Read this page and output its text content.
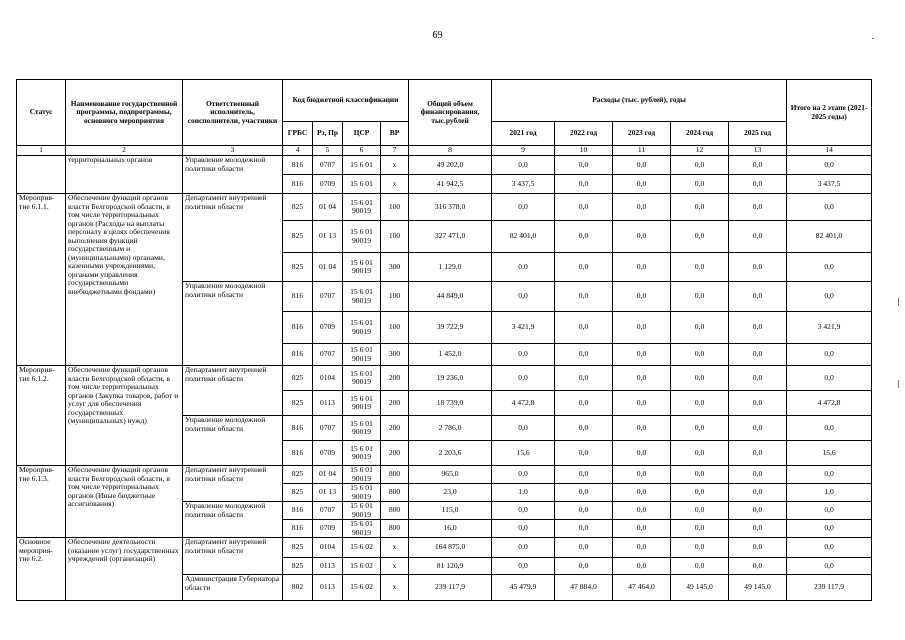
69
Статус	Наименование государственной программы, подпрограммы, основного мероприятия	Ответственный исполнитель, соисполнители, участники	Код бюджетной классификации				Общий объем финансирования, тыс.рублей	Расходы (тыс. рублей), годы					Итого на 2 этапе (2021-2025 годы)
			ГРБС	Рз, Пр	ЦСР	ВР		2021 год	2022 год	2023 год	2024 год	2025 год	
1	2	3	4	5	6	7	8	9	10	11	12	13	14
	территориальных органов	Управление молодежной политики области	816	0707	15 6 01	x	49 202,0	0,0	0,0	0,0	0,0	0,0	0,0
			816	0709	15 6 01	x	41 942,5	3 437,5	0,0	0,0	0,0	0,0	3 437,5
Мероприя-тие 6.1.1.	Обеспечение функций органов власти Белгородской области, в том числе территориальных органов (Расходы на выплаты персоналу в целях обеспечения выполнения функций государственным и (муниципальными) органами, казенными учреждениями, органами управления государственными внебюджетными фондами)	Департамент внутренней политики области	825	01 04	15 6 01 90019	100	316 378,0	0,0	0,0	0,0	0,0	0,0	0,0
			825	01 13	15 6 01 90019	100	327 471,0	82 401,0	0,0	0,0	0,0	0,0	82 401,0
			825	01 04	15 6 01 90019	300	1 129,0	0,0	0,0	0,0	0,0	0,0	0,0
		Управление молодежной политики области	816	0707	15 6 01 90019	100	44 849,0	0,0	0,0	0,0	0,0	0,0	0,0
			816	0709	15 6 01 90019	100	39 722,9	3 421,9	0,0	0,0	0,0	0,0	3 421,9
			816	0707	15 6 01 90019	300	1 452,0	0,0	0,0	0,0	0,0	0,0	0,0
Мероприя-тие 6.1.2.	Обеспечение функций органов власти Белгородской области, в том числе территориальных органов (Закупка товаров, работ и услуг для обеспечения государственных (муниципальных) нужд)	Департамент внутренней политики области	825	0104	15 6 01 90019	200	19 236,0	0,0	0,0	0,0	0,0	0,0	0,0
			825	0113	15 6 01 90019	200	18 739,0	4 472,8	0,0	0,0	0,0	0,0	4 472,8
		Управление молодежной политики области	816	0707	15 6 01 90019	200	2 786,0	0,0	0,0	0,0	0,0	0,0	0,0
			816	0709	15 6 01 90019	200	2 203,6	15,6	0,0	0,0	0,0	0,0	15,6
Мероприя-тие 6.1.3.	Обеспечение функций органов власти Белгородской области, в том числе территориальных органов (Иные бюджетные ассигнования)	Департамент внутренней политики области	825	01 04	15 6 01 90019	800	965,0	0,0	0,0	0,0	0,0	0,0	0,0
			825	01 13	15 6 01 90019	800	23,0	1,0	0,0	0,0	0,0	0,0	1,0
		Управление молодежной политики области	816	0707	15 6 01 90019	800	115,0	0,0	0,0	0,0	0,0	0,0	0,0
			816	0709	15 6 01 90019	800	16,0	0,0	0,0	0,0	0,0	0,0	0,0
Основное мероприя-тие 6.2.	Обеспечение деятельности (оказание услуг) государственных учреждений (организаций)	Департамент внутренней политики области	825	0104	15 6 02	x	164 875,0	0,0	0,0	0,0	0,0	0,0	0,0
			825	0113	15 6 02	x	81 120,9	0,0	0,0	0,0	0,0	0,0	0,0
		Администрация Губернатора области	802	0113	15 6 02	x	239 117,9	45 479,9	47 884,0	47 464,0	49 145,0	49 145,0	239 117,9
